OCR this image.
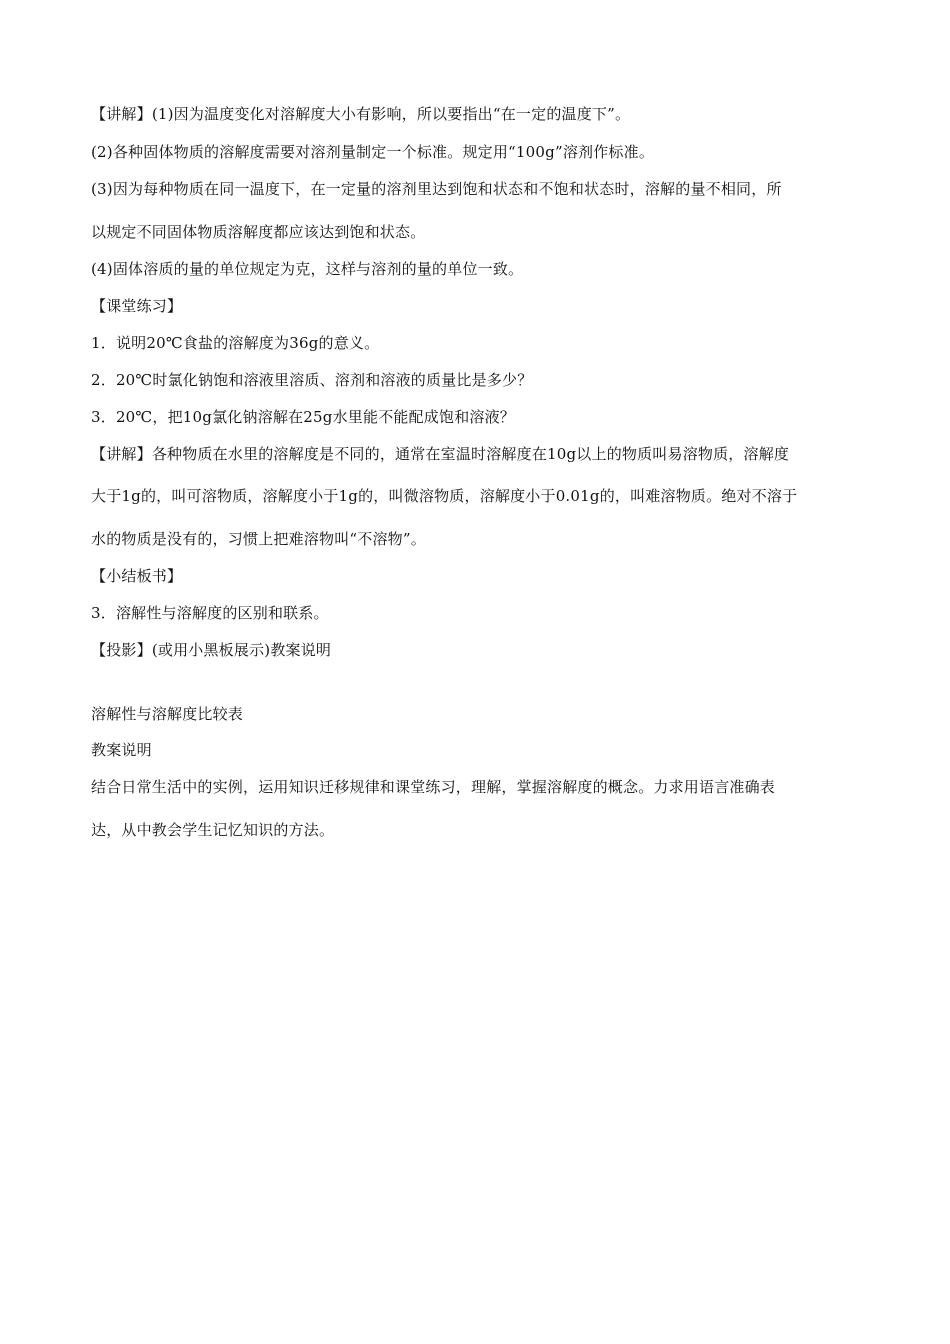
【讲解】(1)因为温度变化对溶解度大小有影响，所以要指出“在一定的温度下”。
(2)各种固体物质的溶解度需要对溶剂量制定一个标准。规定用“100g”溶剂作标准。
(3)因为每种物质在同一温度下，在一定量的溶剂里达到饱和状态和不饱和状态时，溶解的量不相同，所
以规定不同固体物质溶解度都应该达到饱和状态。
(4)固体溶质的量的单位规定为克，这样与溶剂的量的单位一致。
【课堂练习】
1．说明20℃食盐的溶解度为36g的意义。
2．20℃时氯化钠饱和溶液里溶质、溶剂和溶液的质量比是多少？
3．20℃，把10g氯化钠溶解在25g水里能不能配成饱和溶液？
【讲解】各种物质在水里的溶解度是不同的，通常在室温时溶解度在10g以上的物质叫易溶物质，溶解度
大于1g的，叫可溶物质，溶解度小于1g的，叫微溶物质，溶解度小于0.01g的，叫难溶物质。绝对不溶于
水的物质是没有的，习惯上把难溶物叫“不溶物”。
【小结板书】
3．溶解性与溶解度的区别和联系。
【投影】(或用小黑板展示)教案说明
溶解性与溶解度比较表
教案说明
结合日常生活中的实例，运用知识迁移规律和课堂练习，理解，掌握溶解度的概念。力求用语言准确表
达，从中教会学生记忆知识的方法。
